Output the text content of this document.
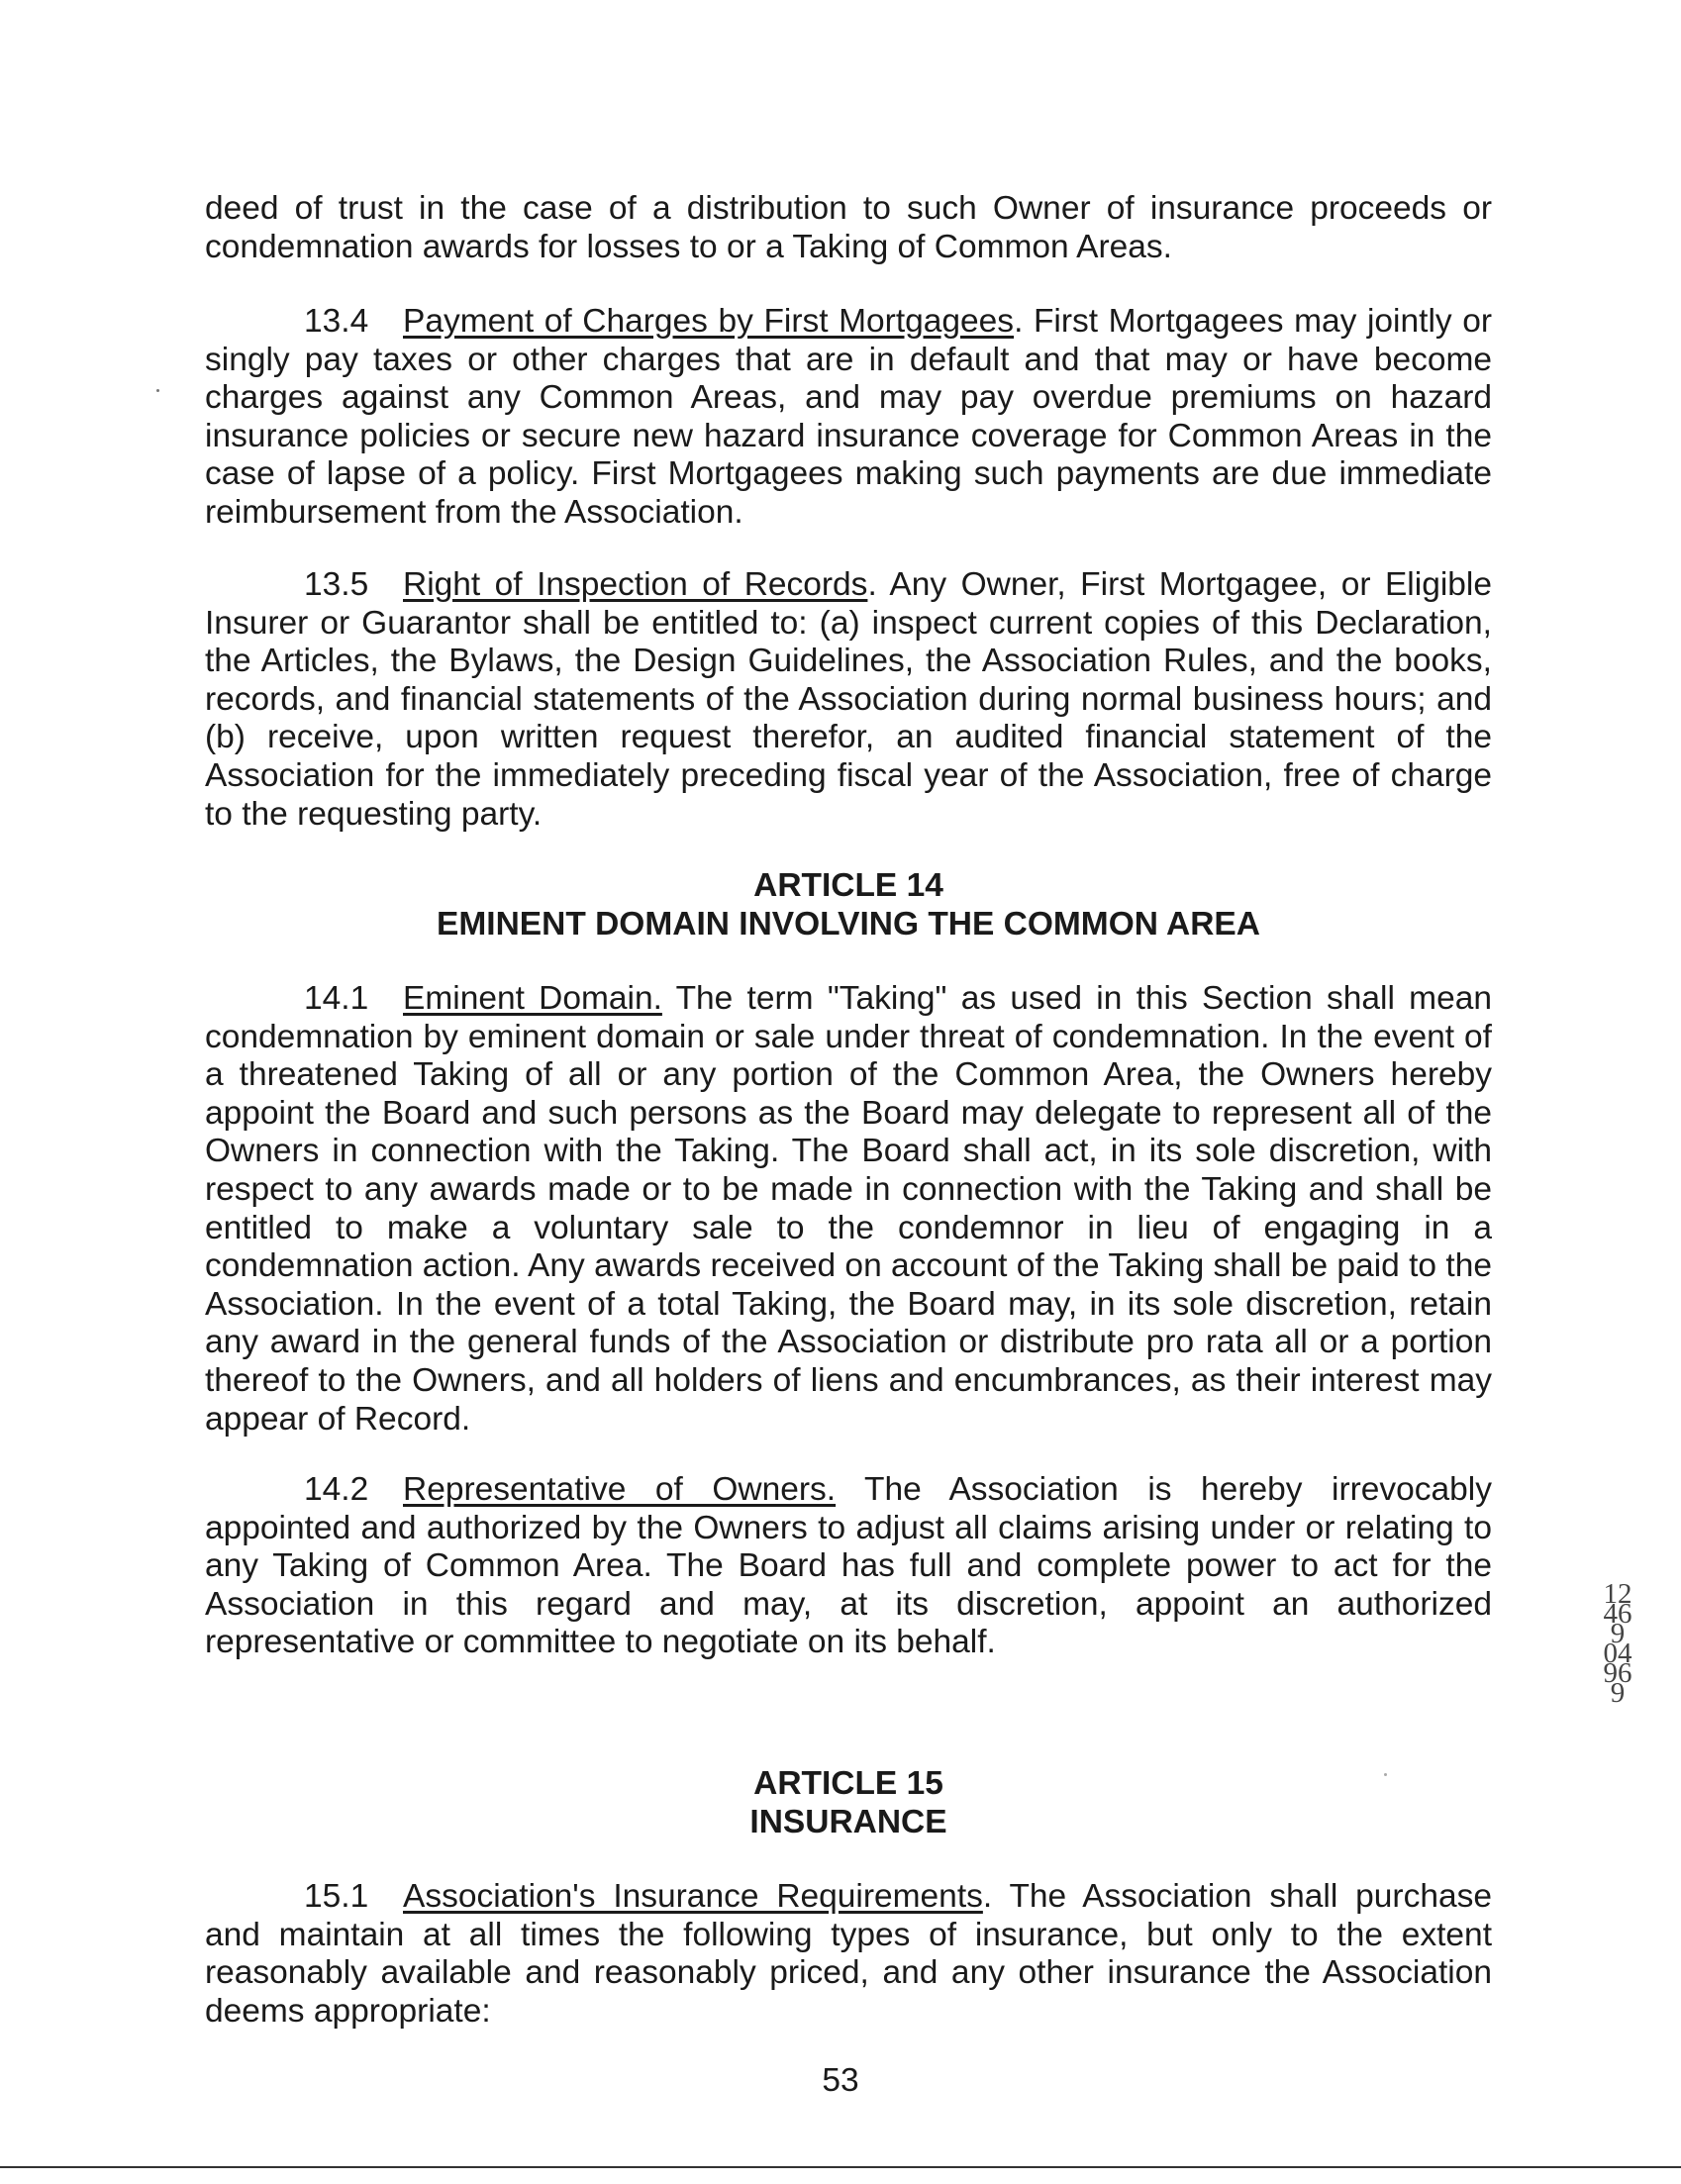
deed of trust in the case of a distribution to such Owner of insurance proceeds or condemnation awards for losses to or a Taking of Common Areas.

13.4 Payment of Charges by First Mortgagees. First Mortgagees may jointly or singly pay taxes or other charges that are in default and that may or have become charges against any Common Areas, and may pay overdue premiums on hazard insurance policies or secure new hazard insurance coverage for Common Areas in the case of lapse of a policy. First Mortgagees making such payments are due immediate reimbursement from the Association.

13.5 Right of Inspection of Records. Any Owner, First Mortgagee, or Eligible Insurer or Guarantor shall be entitled to: (a) inspect current copies of this Declaration, the Articles, the Bylaws, the Design Guidelines, the Association Rules, and the books, records, and financial statements of the Association during normal business hours; and (b) receive, upon written request therefor, an audited financial statement of the Association for the immediately preceding fiscal year of the Association, free of charge to the requesting party.

ARTICLE 14
EMINENT DOMAIN INVOLVING THE COMMON AREA

14.1 Eminent Domain. The term "Taking" as used in this Section shall mean condemnation by eminent domain or sale under threat of condemnation. In the event of a threatened Taking of all or any portion of the Common Area, the Owners hereby appoint the Board and such persons as the Board may delegate to represent all of the Owners in connection with the Taking. The Board shall act, in its sole discretion, with respect to any awards made or to be made in connection with the Taking and shall be entitled to make a voluntary sale to the condemnor in lieu of engaging in a condemnation action. Any awards received on account of the Taking shall be paid to the Association. In the event of a total Taking, the Board may, in its sole discretion, retain any award in the general funds of the Association or distribute pro rata all or a portion thereof to the Owners, and all holders of liens and encumbrances, as their interest may appear of Record.

14.2 Representative of Owners. The Association is hereby irrevocably appointed and authorized by the Owners to adjust all claims arising under or relating to any Taking of Common Area. The Board has full and complete power to act for the Association in this regard and may, at its discretion, appoint an authorized representative or committee to negotiate on its behalf.

ARTICLE 15
INSURANCE

15.1 Association's Insurance Requirements. The Association shall purchase and maintain at all times the following types of insurance, but only to the extent reasonably available and reasonably priced, and any other insurance the Association deems appropriate:

53
12469 04969
